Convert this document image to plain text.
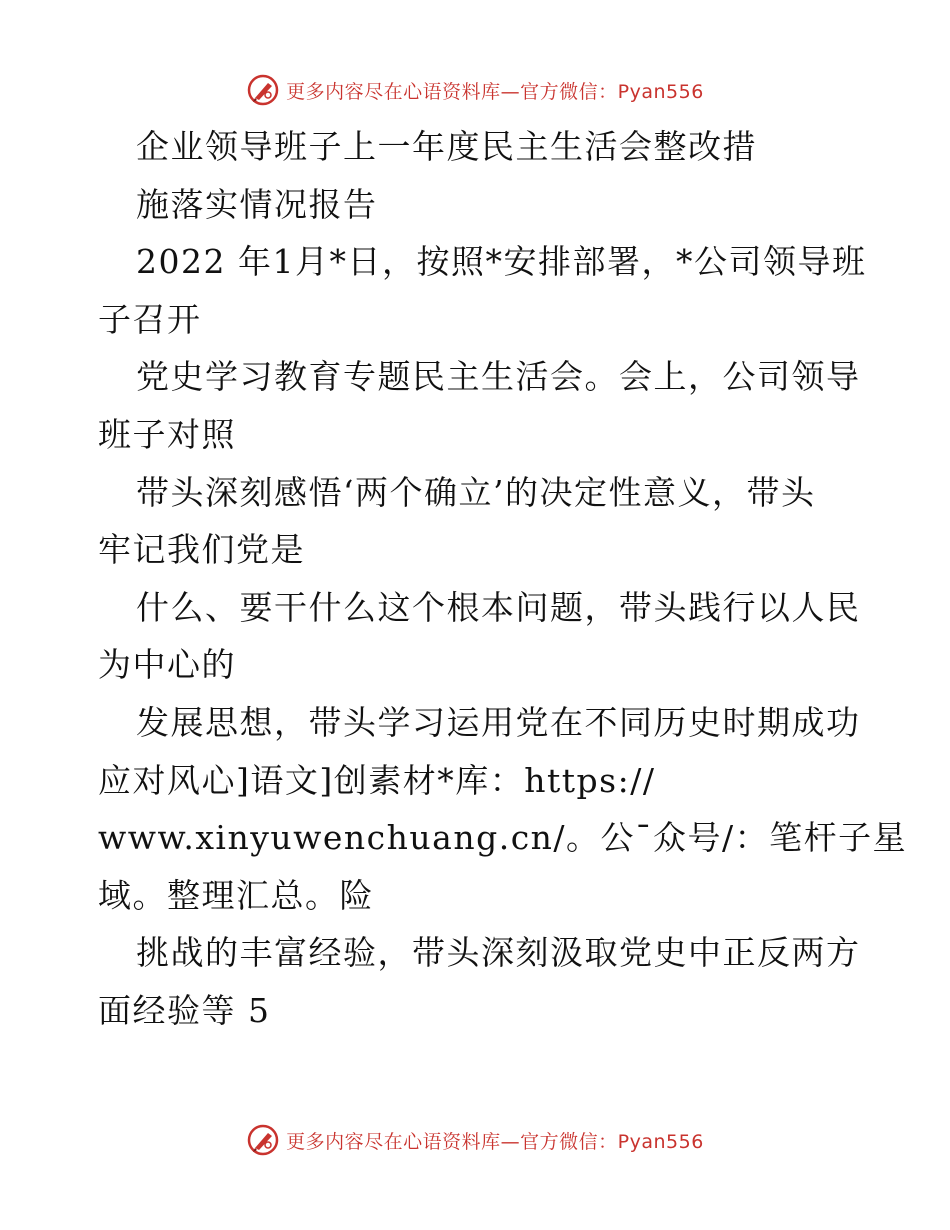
更多内容尽在心语资料库—官方微信：Pyan556
企业领导班子上一年度民主生活会整改措
施落实情况报告
2022 年1月*日，按照*安排部署，*公司领导班
子召开
党史学习教育专题民主生活会。会上，公司领导
班子对照
带头深刻感悟‘两个确立’的决定性意义，带头
牢记我们党是
什么、要干什么这个根本问题，带头践行以人民
为中心的
发展思想，带头学习运用党在不同历史时期成功
应对风心]语文]创素材*库：https://
www.xinyuwenchuang.cn/。公¯众号/：笔杆子星
域。整理汇总。险
挑战的丰富经验，带头深刻汲取党史中正反两方
面经验等 5
更多内容尽在心语资料库—官方微信：Pyan556
